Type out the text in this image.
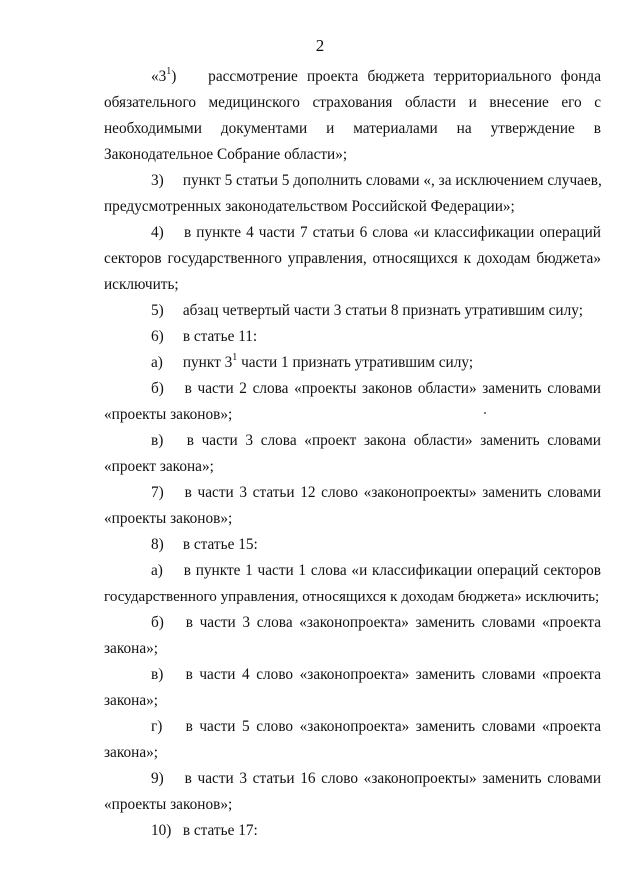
2
«$3^1$) рассмотрение проекта бюджета территориального фонда
обязательного медицинского страхования области и внесение его с
необходимыми документами и материалами на утверждение в
Законодательное Собрание области»;
3) пункт 5 статьи 5 дополнить словами «, за исключением случаев,
предусмотренных законодательством Российской Федерации»;
4) в пункте 4 части 7 статьи 6 слова «и классификации операций
секторов государственного управления, относящихся к доходам бюджета»
исключить;
5) абзац четвертый части 3 статьи 8 признать утратившим силу;
6) в статье 11:
а) пункт $3^1$ части 1 признать утратившим силу;
б) в части 2 слова «проекты законов области» заменить словами
«проекты законов»;
в) в части 3 слова «проект закона области» заменить словами
«проект закона»;
7) в части 3 статьи 12 слово «законопроекты» заменить словами
«проекты законов»;
8) в статье 15:
а) в пункте 1 части 1 слова «и классификации операций секторов
государственного управления, относящихся к доходам бюджета» исключить;
б) в части 3 слова «законопроекта» заменить словами «проекта
закона»;
в) в части 4 слово «законопроекта» заменить словами «проекта
закона»;
г) в части 5 слово «законопроекта» заменить словами «проекта
закона»;
9) в части 3 статьи 16 слово «законопроекты» заменить словами
«проекты законов»;
10) в статье 17:
